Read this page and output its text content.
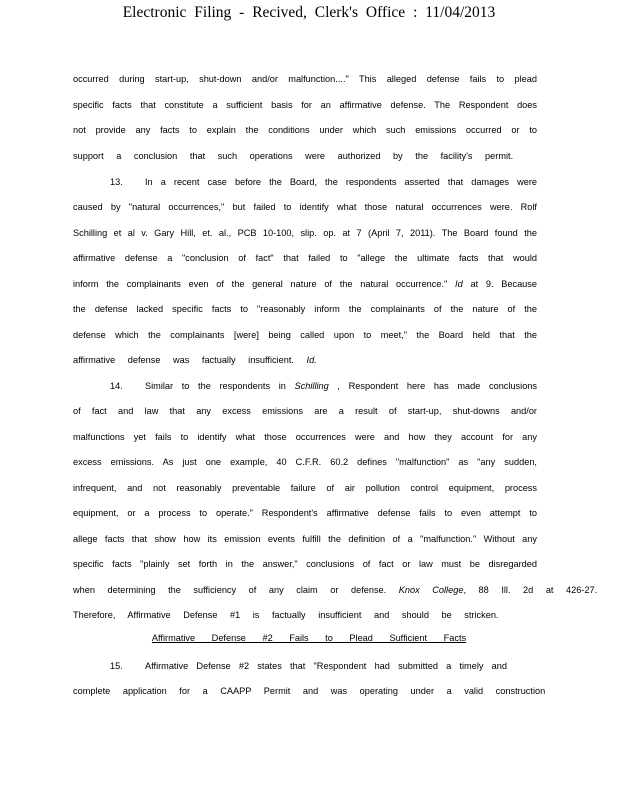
Electronic Filing - Recived, Clerk's Office : 11/04/2013
occurred during start-up, shut-down and/or malfunction...." This alleged defense fails to plead
specific facts that constitute a sufficient basis for an affirmative defense. The Respondent does
not provide any facts to explain the conditions under which such emissions occurred or to
support a conclusion that such operations were authorized by the facility's permit.
13.	In a recent case before the Board, the respondents asserted that damages were
caused by "natural occurrences," but failed to identify what those natural occurrences were. Rolf
Schilling et al v. Gary Hill, et. al., PCB 10-100, slip. op. at 7 (April 7, 2011). The Board found the
affirmative defense a "conclusion of fact" that failed to "allege the ultimate facts that would
inform the complainants even of the general nature of the natural occurrence." Id at 9. Because
the defense lacked specific facts to "reasonably inform the complainants of the nature of the
defense which the complainants [were] being called upon to meet," the Board held that the
affirmative defense was factually insufficient. Id.
14.	Similar to the respondents in Schilling , Respondent here has made conclusions
of fact and law that any excess emissions are a result of start-up, shut-downs and/or
malfunctions yet fails to identify what those occurrences were and how they account for any
excess emissions. As just one example, 40 C.F.R. 60.2 defines "malfunction" as "any sudden,
infrequent, and not reasonably preventable failure of air pollution control equipment, process
equipment, or a process to operate." Respondent's affirmative defense fails to even attempt to
allege facts that show how its emission events fulfill the definition of a "malfunction." Without any
specific facts "plainly set forth in the answer," conclusions of fact or law must be disregarded
when determining the sufficiency of any claim or defense. Knox College, 88 Ill. 2d at 426-27.
Therefore, Affirmative Defense #1 is factually insufficient and should be stricken.
Affirmative Defense #2 Fails to Plead Sufficient Facts
15.	Affirmative Defense #2 states that "Respondent had submitted a timely and
complete application for a CAAPP Permit and was operating under a valid construction
